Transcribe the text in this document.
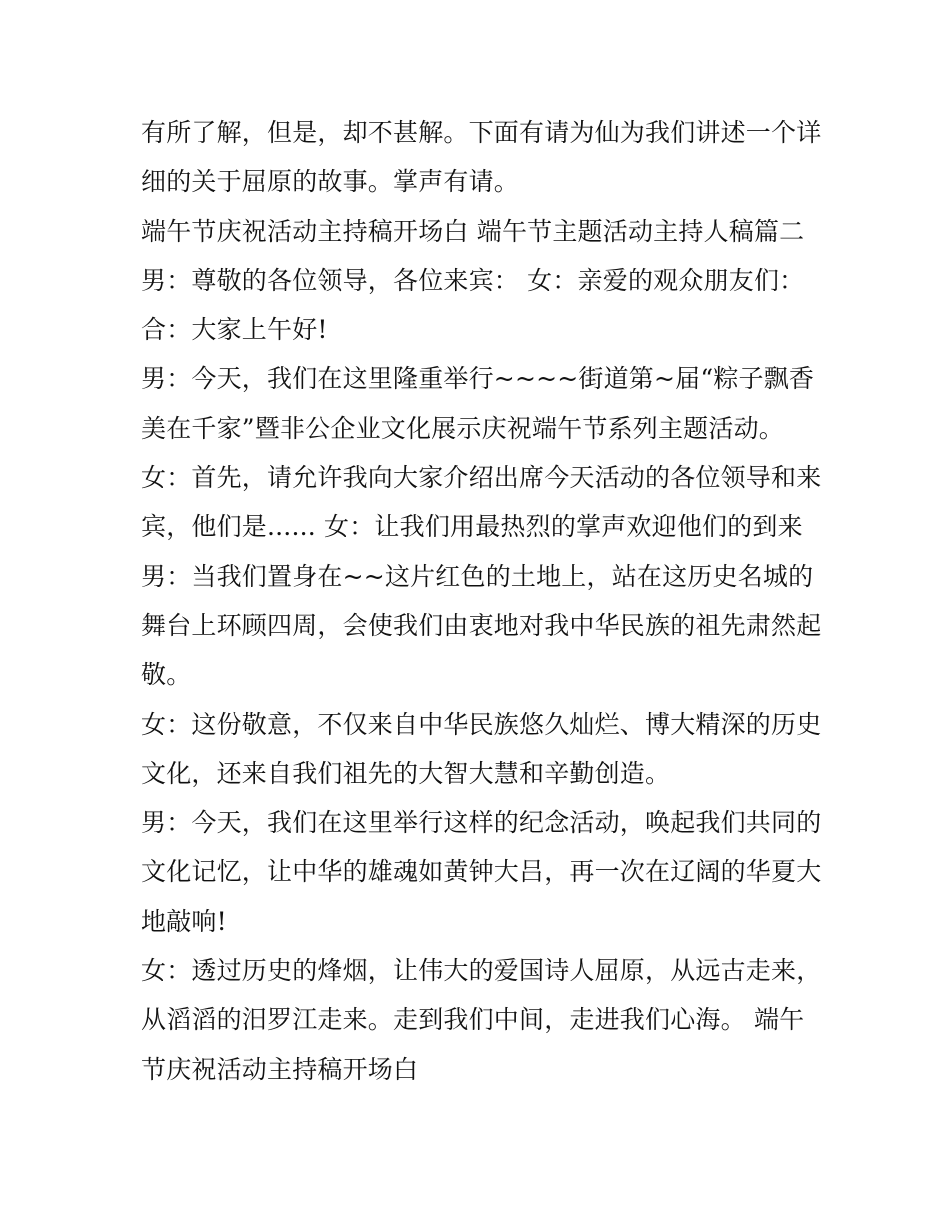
有所了解，但是，却不甚解。下面有请为仙为我们讲述一个详
细的关于屈原的故事。掌声有请。
端午节庆祝活动主持稿开场白 端午节主题活动主持人稿篇二
男：尊敬的各位领导，各位来宾： 女：亲爱的观众朋友们：
合：大家上午好!
男：今天，我们在这里隆重举行~~~~街道第~届“粽子飘香
美在千家”暨非公企业文化展示庆祝端午节系列主题活动。
女：首先，请允许我向大家介绍出席今天活动的各位领导和来
宾，他们是...... 女：让我们用最热烈的掌声欢迎他们的到来
男：当我们置身在~~这片红色的土地上，站在这历史名城的
舞台上环顾四周，会使我们由衷地对我中华民族的祖先肃然起
敬。
女：这份敬意，不仅来自中华民族悠久灿烂、博大精深的历史
文化，还来自我们祖先的大智大慧和辛勤创造。
男：今天，我们在这里举行这样的纪念活动，唤起我们共同的
文化记忆，让中华的雄魂如黄钟大吕，再一次在辽阔的华夏大
地敲响!
女：透过历史的烽烟，让伟大的爱国诗人屈原，从远古走来，
从滔滔的汨罗江走来。走到我们中间，走进我们心海。 端午
节庆祝活动主持稿开场白
